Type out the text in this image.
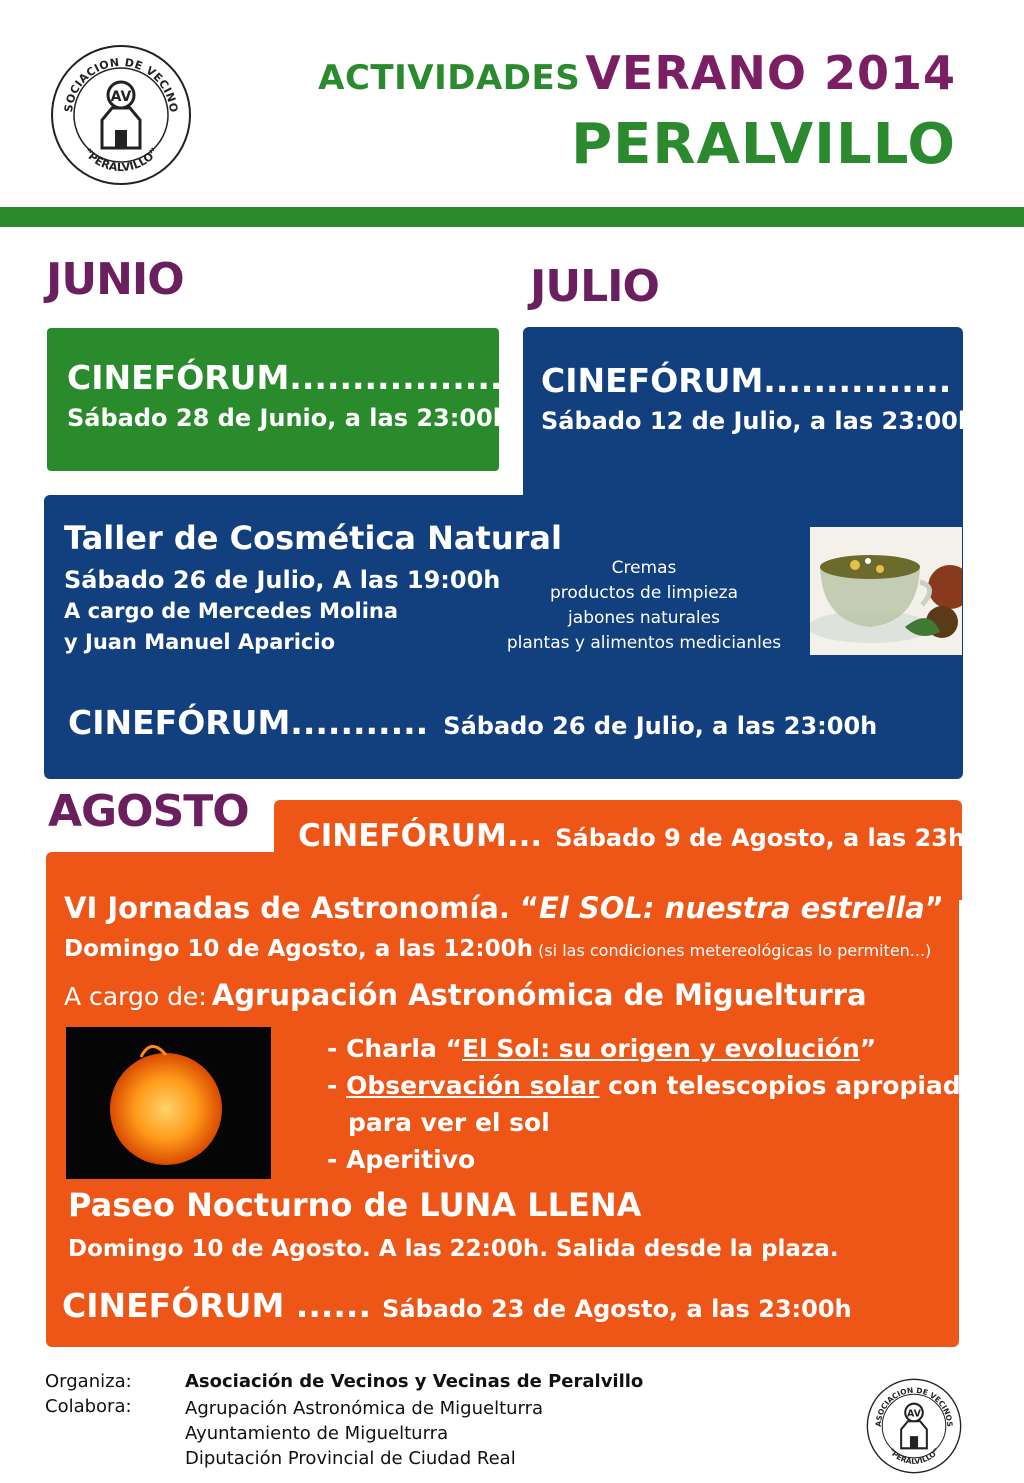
SOCIACION DE VECINO
“PERALVILLO”
AV	ACTIVIDADES VERANO 2014
PERALVILLO
JUNIO
CINEFÓRUM.................
Sábado 28 de Junio, a las 23:00h
JULIO
CINEFÓRUM...............
Sábado 12 de Julio, a las 23:00h
Taller de Cosmética Natural
Sábado 26 de Julio, A las 19:00h
A cargo de Mercedes Molina
y Juan Manuel Aparicio
Cremas
productos de limpieza
jabones naturales
plantas y alimentos medicianles
CINEFÓRUM........... Sábado 26 de Julio, a las 23:00h
AGOSTO CINEFÓRUM... Sábado 9 de Agosto, a las 23h
VI Jornadas de Astronomía. “El SOL: nuestra estrella”
Domingo 10 de Agosto, a las 12:00h (si las condiciones metereológicas lo permiten...)
A cargo de: Agrupación Astronómica de Miguelturra
- Charla “El Sol: su origen y evolución”
- Observación solar con telescopios apropiados
para ver el sol
- Aperitivo
Paseo Nocturno de LUNA LLENA
Domingo 10 de Agosto. A las 22:00h. Salida desde la plaza.
CINEFÓRUM ...... Sábado 23 de Agosto, a las 23:00h
Organiza:	Asociación de Vecinos y Vecinas de Peralvillo
Colabora:	Agrupación Astronómica de Miguelturra
Ayuntamiento de Miguelturra
Diputación Provincial de Ciudad Real
ASOCIACION DE VECINOS
“PERALVILLO”
AV
